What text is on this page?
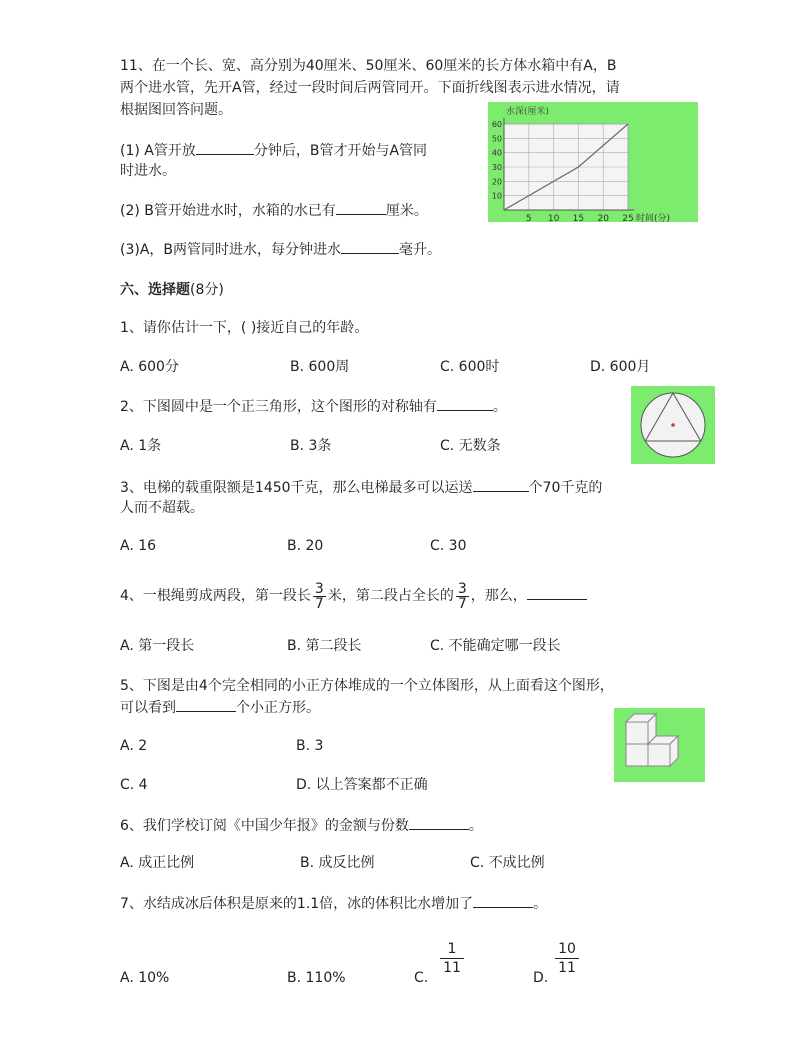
11、在一个长、宽、高分别为40厘米、50厘米、60厘米的长方体水箱中有A，B
两个进水管，先开A管，经过一段时间后两管同开。下面折线图表示进水情况，请
根据图回答问题。
(1) A管开放	分钟后，B管才开始与A管同
时进水。
(2) B管开始进水时，水箱的水已有	厘米。
(3)A，B两管同时进水，每分钟进水	毫升。
5 10 15 20 25
10
20
30
40
50
60
水深(厘米)
时间(分)
六、选择题(8分)
1、请你估计一下，( )接近自己的年龄。
A. 600分	B. 600周	C. 600时	D. 600月
2、下图圆中是一个正三角形，这个图形的对称轴有	。
A. 1条	B. 3条	C. 无数条
3、电梯的载重限额是1450千克，那么电梯最多可以运送	个70千克的
人而不超载。
A. 16	B. 20	C. 30
4、一根绳剪成两段，第一段长 $\frac{3}{7}$ 米，第二段占全长的 $\frac{3}{7}$ ，那么，
A. 第一段长	B. 第二段长	C. 不能确定哪一段长
5、下图是由4个完全相同的小正方体堆成的一个立体图形，从上面看这个图形，
可以看到	个小正方形。
A. 2	B. 3
C. 4	D. 以上答案都不正确
6、我们学校订阅《中国少年报》的金额与份数	。
A. 成正比例	B. 成反比例	C. 不成比例
7、水结成冰后体积是原来的1.1倍，冰的体积比水增加了	。
A. 10%	B. 110%	C.
$\frac{1}{11}$
D.
$\frac{10}{11}$
